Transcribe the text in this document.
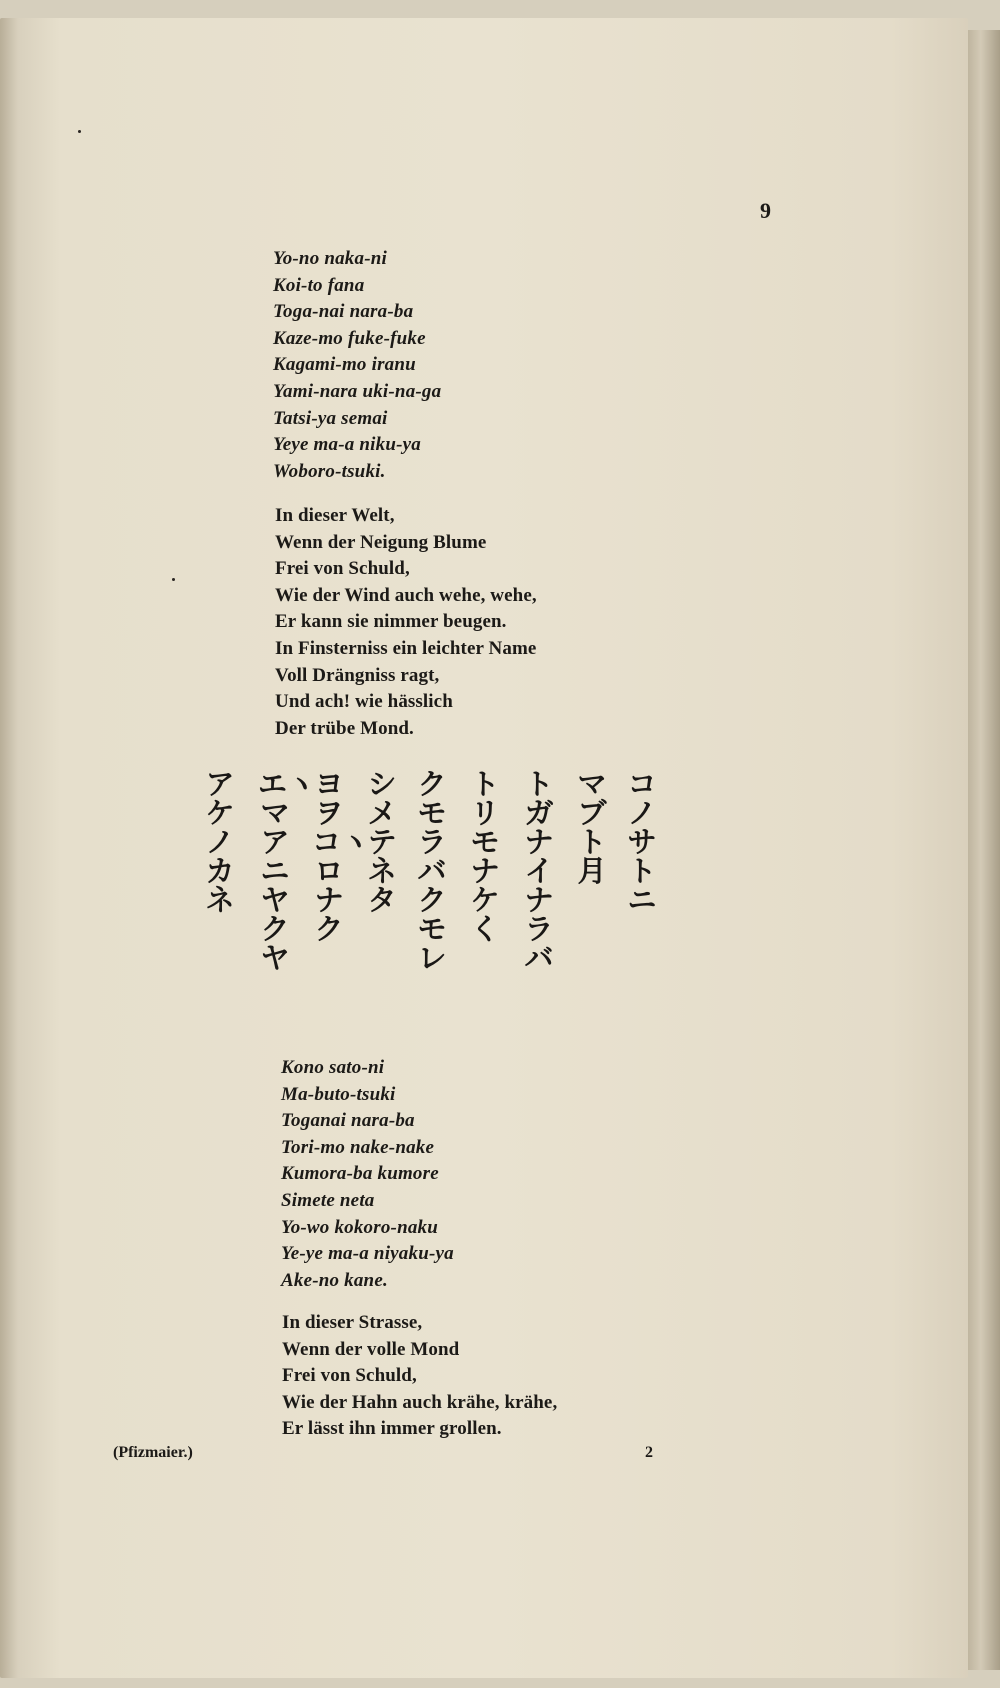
9
Yo-no naka-ni
Koi-to fana
Toga-nai nara-ba
Kaze-mo fuke-fuke
Kagami-mo iranu
Yami-nara uki-na-ga
Tatsi-ya semai
Yeye ma-a niku-ya
Woboro-tsuki.
In dieser Welt,
Wenn der Neigung Blume
Frei von Schuld,
Wie der Wind auch wehe, wehe,
Er kann sie nimmer beugen.
In Finsterniss ein leichter Name
Voll Drängniss ragt,
Und ach! wie hässlich
Der trübe Mond.
コノサトニ
マブト月
トガナイナラバ
トリモナケく
クモラバクモレ
シメテネタ
ヨヲコヽロナク
エヽマアニヤクヤ
アケノカネ
Kono sato-ni
Ma-buto-tsuki
Toganai nara-ba
Tori-mo nake-nake
Kumora-ba kumore
Simete neta
Yo-wo kokoro-naku
Ye-ye ma-a niyaku-ya
Ake-no kane.
In dieser Strasse,
Wenn der volle Mond
Frei von Schuld,
Wie der Hahn auch krähe, krähe,
Er lässt ihn immer grollen.
(Pfizmaier.)	2
